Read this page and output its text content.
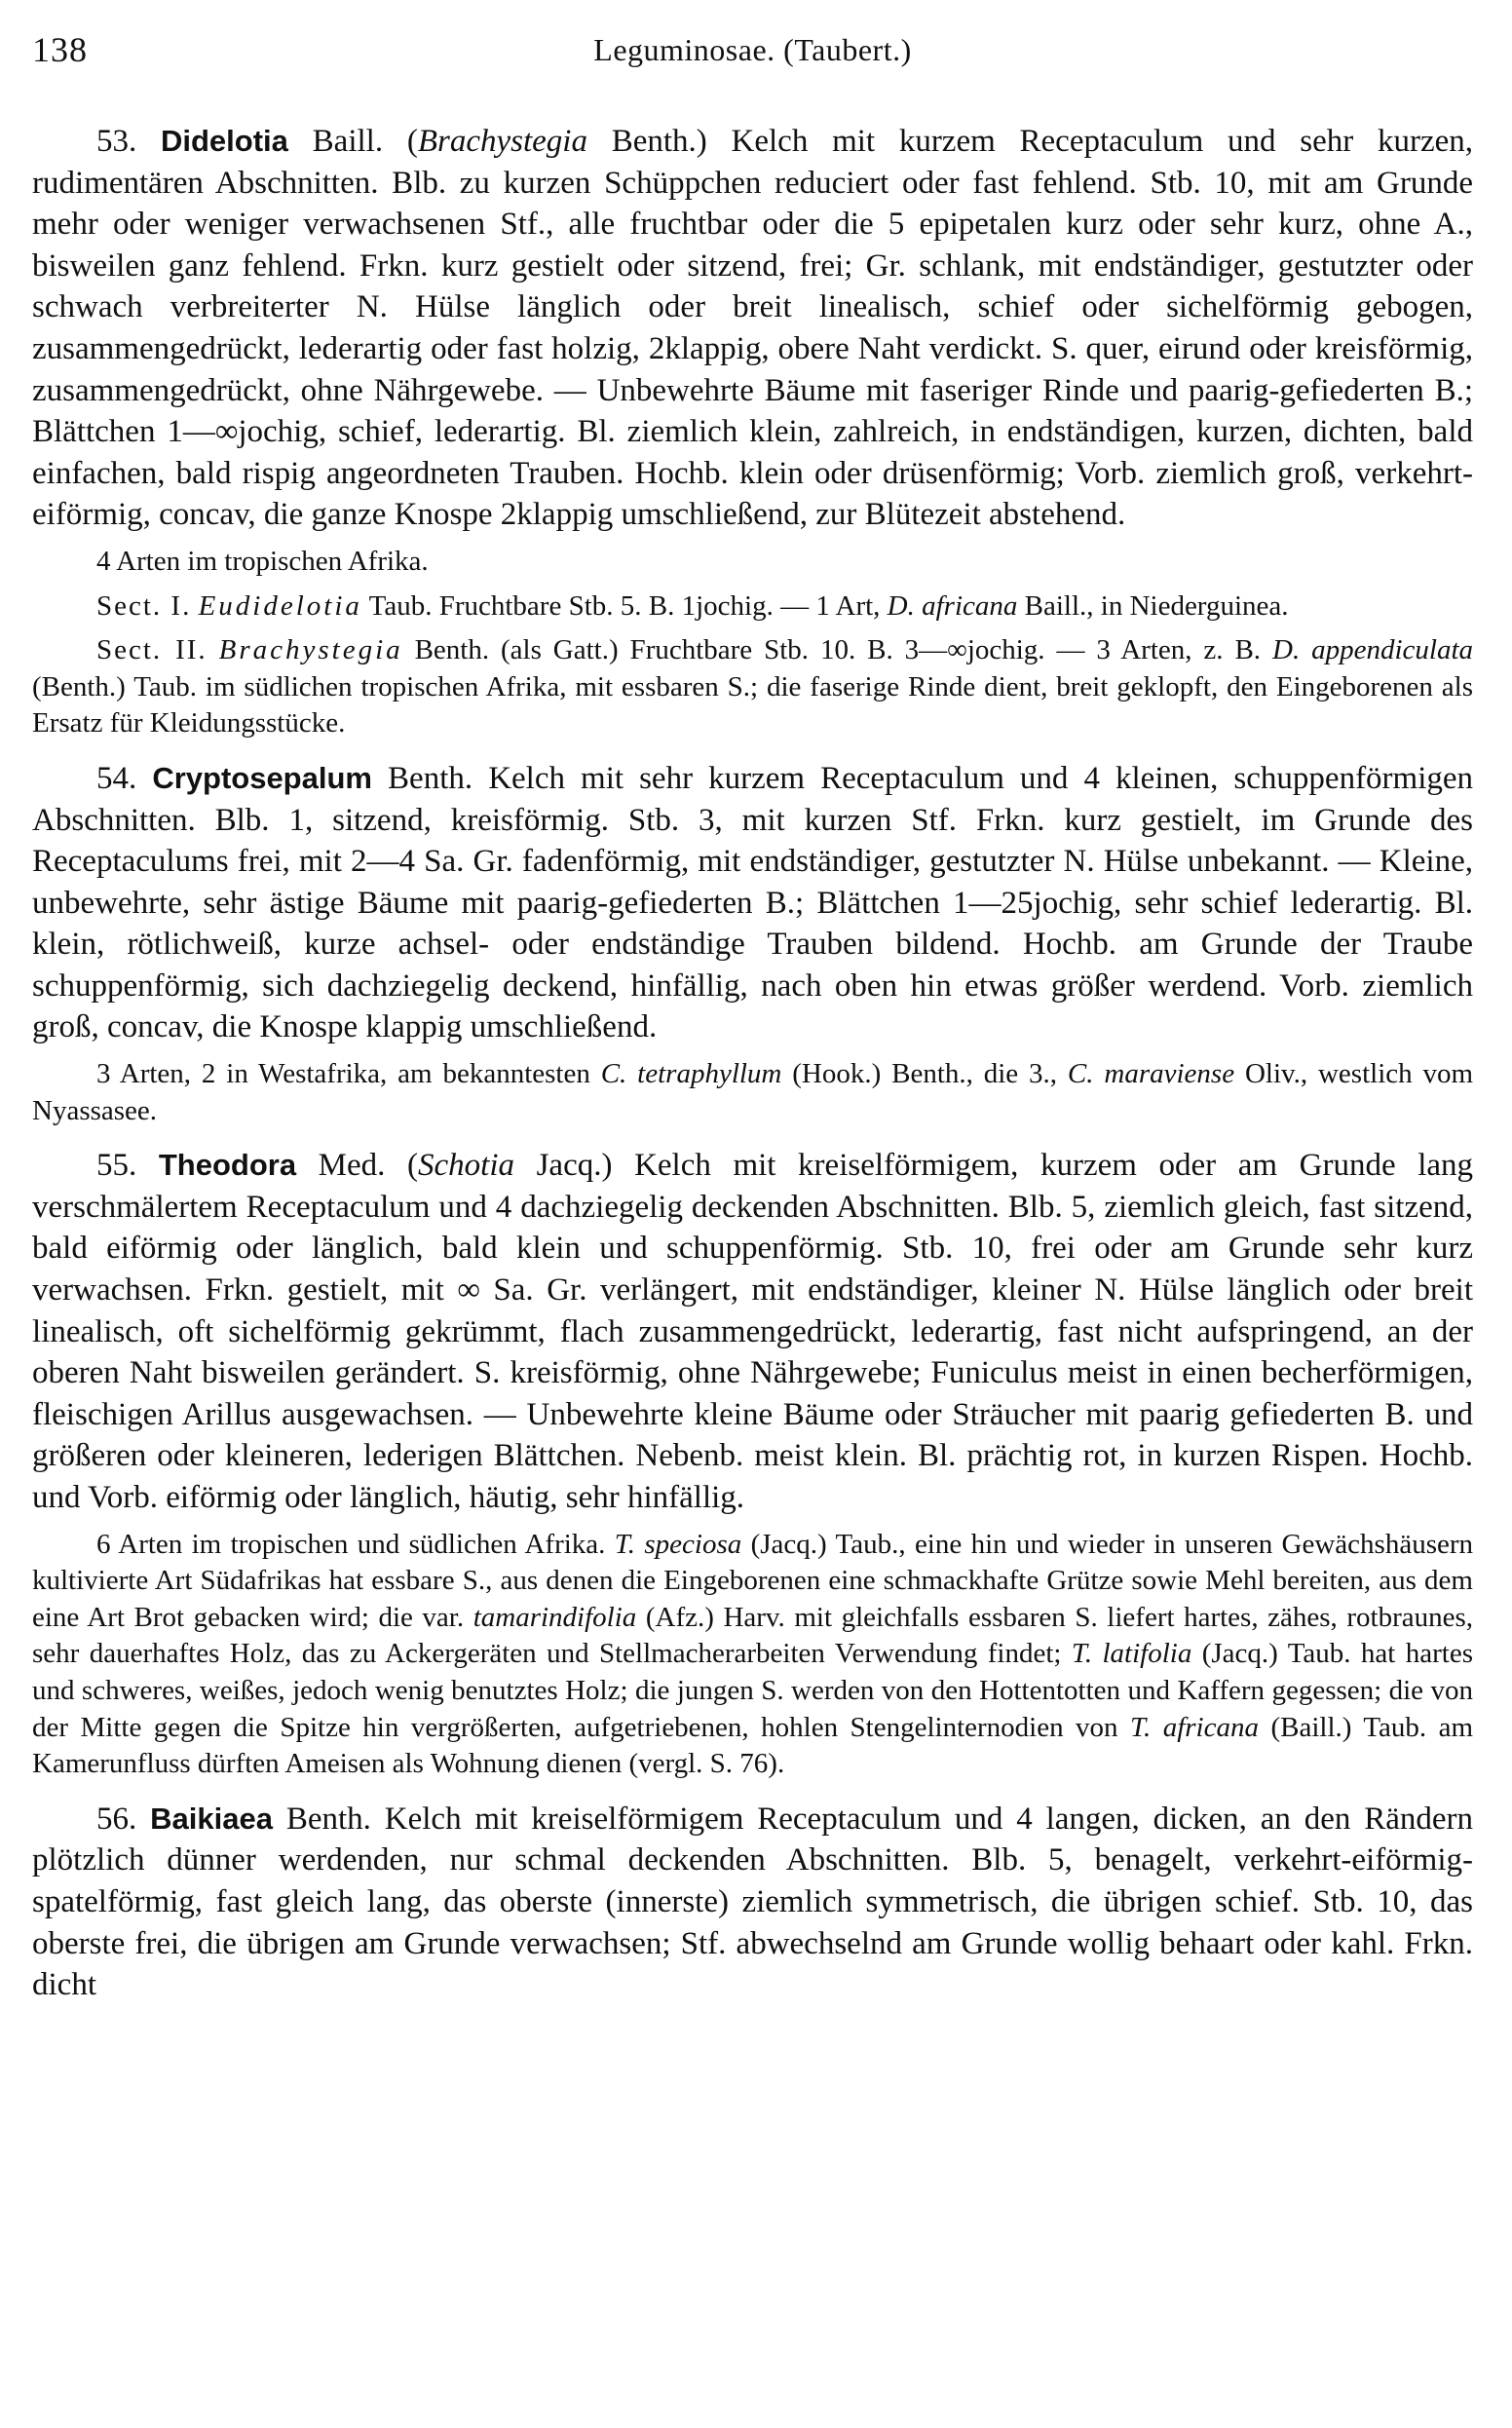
138	Leguminosae. (Taubert.)

53. Didelotia Baill. (Brachystegia Benth.) Kelch mit kurzem Receptaculum und sehr kurzen, rudimentären Abschnitten. Blb. zu kurzen Schüppchen reduciert oder fast fehlend. Stb. 10, mit am Grunde mehr oder weniger verwachsenen Stf., alle fruchtbar oder die 5 epipetalen kurz oder sehr kurz, ohne A., bisweilen ganz fehlend. Frkn. kurz gestielt oder sitzend, frei; Gr. schlank, mit endständiger, gestutzter oder schwach verbreiterter N. Hülse länglich oder breit linealisch, schief oder sichelförmig gebogen, zusammengedrückt, lederartig oder fast holzig, 2klappig, obere Naht verdickt. S. quer, eirund oder kreisförmig, zusammengedrückt, ohne Nährgewebe. — Unbewehrte Bäume mit faseriger Rinde und paarig-gefiederten B.; Blättchen 1—∞jochig, schief, lederartig. Bl. ziemlich klein, zahlreich, in endständigen, kurzen, dichten, bald einfachen, bald rispig angeordneten Trauben. Hochb. klein oder drüsenförmig; Vorb. ziemlich groß, verkehrt-eiförmig, concav, die ganze Knospe 2klappig umschließend, zur Blütezeit abstehend.

4 Arten im tropischen Afrika.

Sect. I. Eudidelotia Taub. Fruchtbare Stb. 5. B. 1jochig. — 1 Art, D. africana Baill., in Niederguinea.

Sect. II. Brachystegia Benth. (als Gatt.) Fruchtbare Stb. 10. B. 3—∞jochig. — 3 Arten, z. B. D. appendiculata (Benth.) Taub. im südlichen tropischen Afrika, mit essbaren S.; die faserige Rinde dient, breit geklopft, den Eingeborenen als Ersatz für Kleidungsstücke.

54. Cryptosepalum Benth. Kelch mit sehr kurzem Receptaculum und 4 kleinen, schuppenförmigen Abschnitten. Blb. 1, sitzend, kreisförmig. Stb. 3, mit kurzen Stf. Frkn. kurz gestielt, im Grunde des Receptaculums frei, mit 2—4 Sa. Gr. fadenförmig, mit endständiger, gestutzter N. Hülse unbekannt. — Kleine, unbewehrte, sehr ästige Bäume mit paarig-gefiederten B.; Blättchen 1—25jochig, sehr schief lederartig. Bl. klein, rötlichweiß, kurze achsel- oder endständige Trauben bildend. Hochb. am Grunde der Traube schuppenförmig, sich dachziegelig deckend, hinfällig, nach oben hin etwas größer werdend. Vorb. ziemlich groß, concav, die Knospe klappig umschließend.

3 Arten, 2 in Westafrika, am bekanntesten C. tetraphyllum (Hook.) Benth., die 3., C. maraviense Oliv., westlich vom Nyassasee.

55. Theodora Med. (Schotia Jacq.) Kelch mit kreiselförmigem, kurzem oder am Grunde lang verschmälertem Receptaculum und 4 dachziegelig deckenden Abschnitten. Blb. 5, ziemlich gleich, fast sitzend, bald eiförmig oder länglich, bald klein und schuppenförmig. Stb. 10, frei oder am Grunde sehr kurz verwachsen. Frkn. gestielt, mit ∞ Sa. Gr. verlängert, mit endständiger, kleiner N. Hülse länglich oder breit linealisch, oft sichelförmig gekrümmt, flach zusammengedrückt, lederartig, fast nicht aufspringend, an der oberen Naht bisweilen gerändert. S. kreisförmig, ohne Nährgewebe; Funiculus meist in einen becherförmigen, fleischigen Arillus ausgewachsen. — Unbewehrte kleine Bäume oder Sträucher mit paarig gefiederten B. und größeren oder kleineren, lederigen Blättchen. Nebenb. meist klein. Bl. prächtig rot, in kurzen Rispen. Hochb. und Vorb. eiförmig oder länglich, häutig, sehr hinfällig.

6 Arten im tropischen und südlichen Afrika. T. speciosa (Jacq.) Taub., eine hin und wieder in unseren Gewächshäusern kultivierte Art Südafrikas hat essbare S., aus denen die Eingeborenen eine schmackhafte Grütze sowie Mehl bereiten, aus dem eine Art Brot gebacken wird; die var. tamarindifolia (Afz.) Harv. mit gleichfalls essbaren S. liefert hartes, zähes, rotbraunes, sehr dauerhaftes Holz, das zu Ackergeräten und Stellmacherarbeiten Verwendung findet; T. latifolia (Jacq.) Taub. hat hartes und schweres, weißes, jedoch wenig benutztes Holz; die jungen S. werden von den Hottentotten und Kaffern gegessen; die von der Mitte gegen die Spitze hin vergrößerten, aufgetriebenen, hohlen Stengelinternodien von T. africana (Baill.) Taub. am Kamerunfluss dürften Ameisen als Wohnung dienen (vergl. S. 76).

56. Baikiaea Benth. Kelch mit kreiselförmigem Receptaculum und 4 langen, dicken, an den Rändern plötzlich dünner werdenden, nur schmal deckenden Abschnitten. Blb. 5, benagelt, verkehrt-eiförmig-spatelförmig, fast gleich lang, das oberste (innerste) ziemlich symmetrisch, die übrigen schief. Stb. 10, das oberste frei, die übrigen am Grunde verwachsen; Stf. abwechselnd am Grunde wollig behaart oder kahl. Frkn. dicht
